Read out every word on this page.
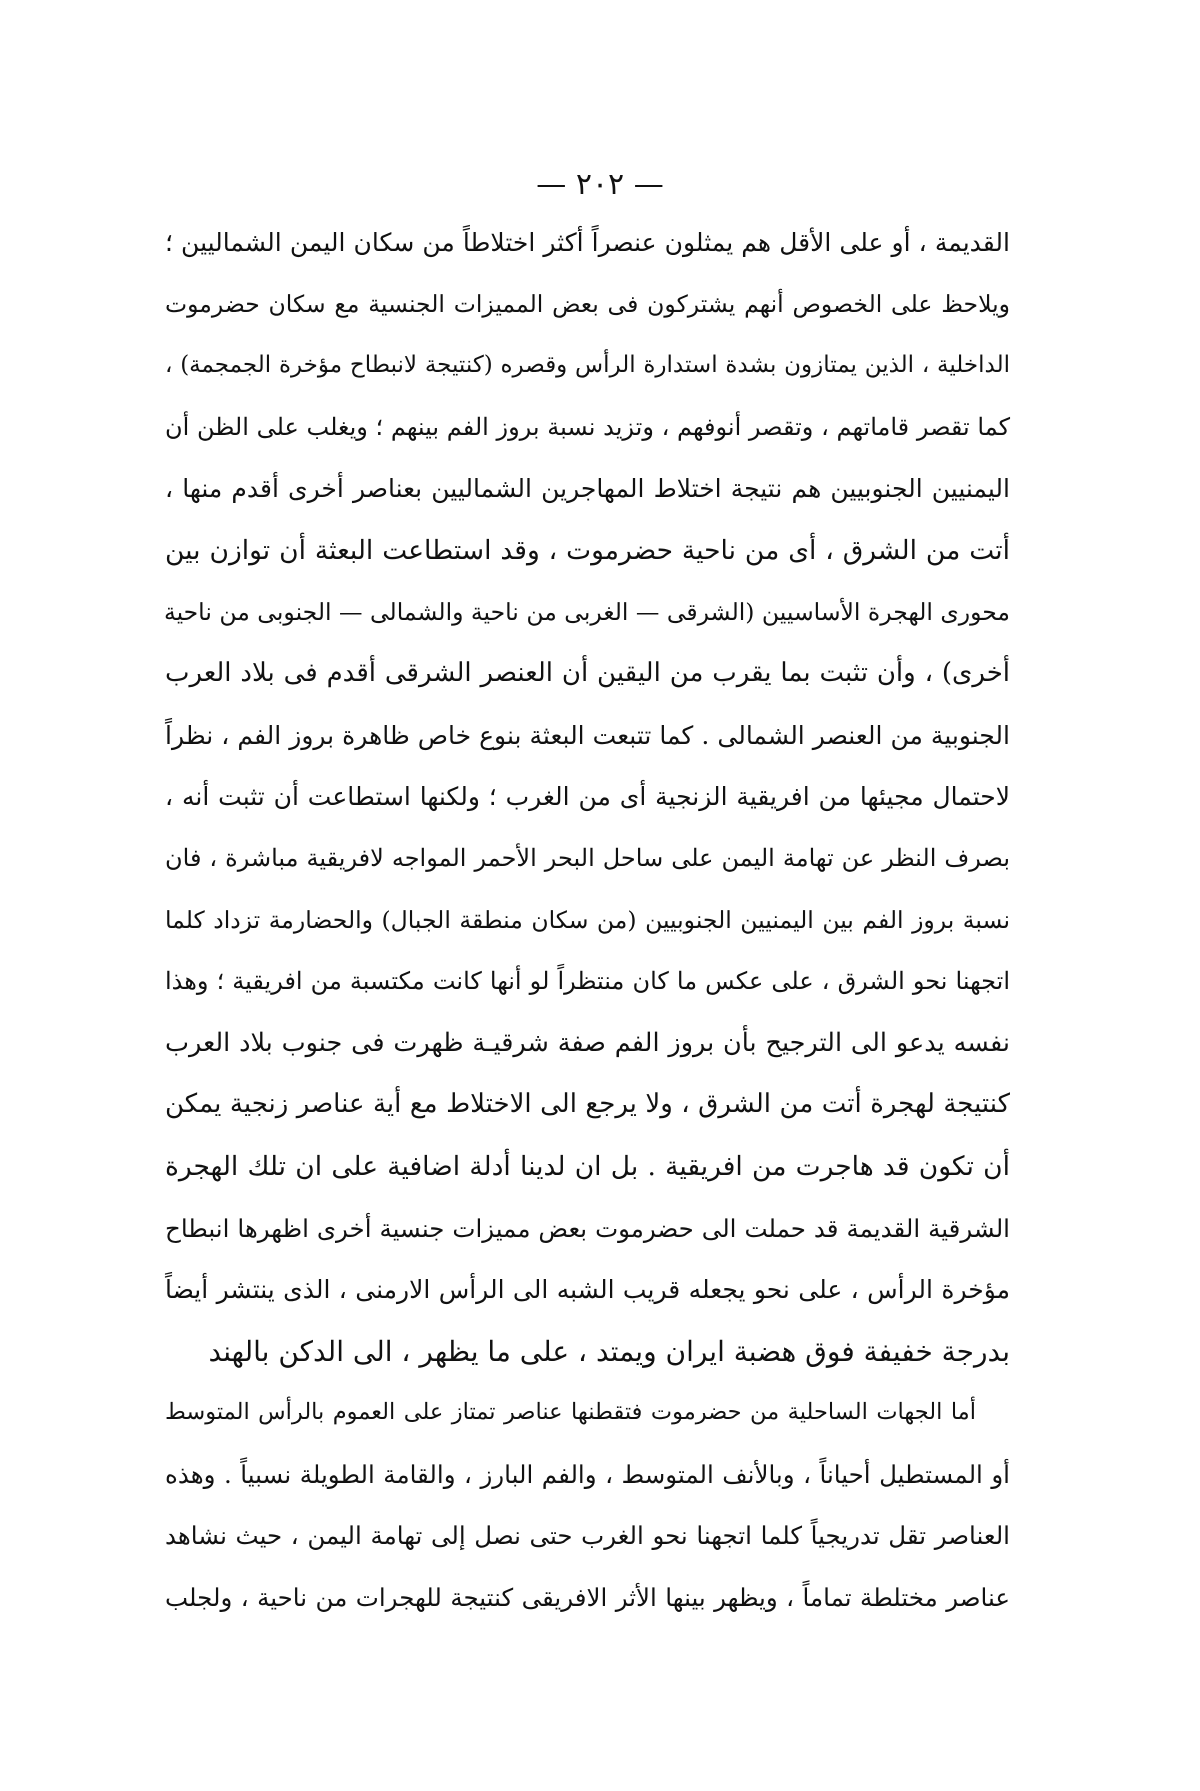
— ٢٠٢ —
القديمة ، أو على الأقل هم يمثلون عنصراً أكثر اختلاطاً من سكان اليمن الشماليين ؛
ويلاحظ على الخصوص أنهم يشتركون فى بعض المميزات الجنسية مع سكان حضرموت
الداخلية ، الذين يمتازون بشدة استدارة الرأس وقصره (كنتيجة لانبطاح مؤخرة الجمجمة) ،
كما تقصر قاماتهم ، وتقصر أنوفهم ، وتزيد نسبة بروز الفم بينهم ؛ ويغلب على الظن أن
اليمنيين الجنوبيين هم نتيجة اختلاط المهاجرين الشماليين بعناصر أخرى أقدم منها ،
أتت من الشرق ، أى من ناحية حضرموت ، وقد استطاعت البعثة أن توازن بين
محورى الهجرة الأساسيين (الشرقى — الغربى من ناحية والشمالى — الجنوبى من ناحية
أخرى) ، وأن تثبت بما يقرب من اليقين أن العنصر الشرقى أقدم فى بلاد العرب
الجنوبية من العنصر الشمالى . كما تتبعت البعثة بنوع خاص ظاهرة بروز الفم ، نظراً
لاحتمال مجيئها من افريقية الزنجية أى من الغرب ؛ ولكنها استطاعت أن تثبت أنه ،
بصرف النظر عن تهامة اليمن على ساحل البحر الأحمر المواجه لافريقية مباشرة ، فان
نسبة بروز الفم بين اليمنيين الجنوبيين (من سكان منطقة الجبال) والحضارمة تزداد كلما
اتجهنا نحو الشرق ، على عكس ما كان منتظراً لو أنها كانت مكتسبة من افريقية ؛ وهذا
نفسه يدعو الى الترجيح بأن بروز الفم صفة شرقيـة ظهرت فى جنوب بلاد العرب
كنتيجة لهجرة أتت من الشرق ، ولا يرجع الى الاختلاط مع أية عناصر زنجية يمكن
أن تكون قد هاجرت من افريقية . بل ان لدينا أدلة اضافية على ان تلك الهجرة
الشرقية القديمة قد حملت الى حضرموت بعض مميزات جنسية أخرى اظهرها انبطاح
مؤخرة الرأس ، على نحو يجعله قريب الشبه الى الرأس الارمنى ، الذى ينتشر أيضاً
بدرجة خفيفة فوق هضبة ايران ويمتد ، على ما يظهر ، الى الدكن بالهند
أما الجهات الساحلية من حضرموت فتقطنها عناصر تمتاز على العموم بالرأس المتوسط
أو المستطيل أحياناً ، وبالأنف المتوسط ، والفم البارز ، والقامة الطويلة نسبياً . وهذه
العناصر تقل تدريجياً كلما اتجهنا نحو الغرب حتى نصل إلى تهامة اليمن ، حيث نشاهد
عناصر مختلطة تماماً ، ويظهر بينها الأثر الافريقى كنتيجة للهجرات من ناحية ، ولجلب
